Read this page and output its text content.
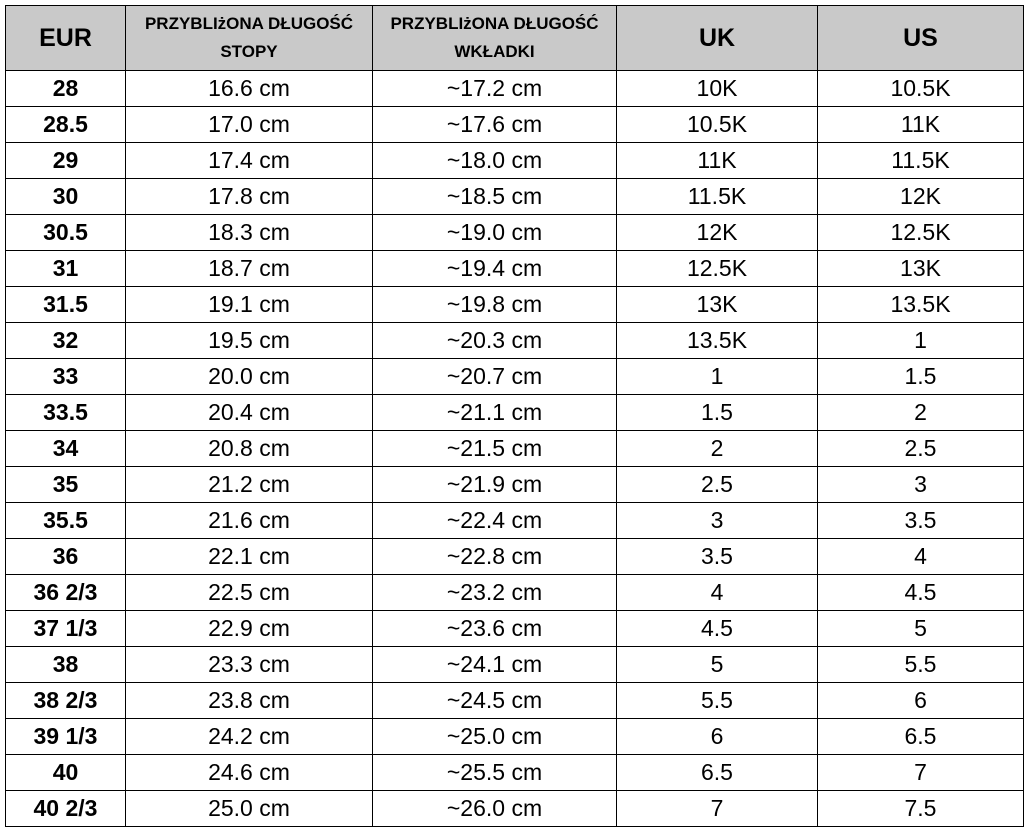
EUR	PRZYBLIżONA DŁUGOŚĆ STOPY	PRZYBLIżONA DŁUGOŚĆ WKŁADKI	UK	US
28	16.6 cm	~17.2 cm	10K	10.5K
28.5	17.0 cm	~17.6 cm	10.5K	11K
29	17.4 cm	~18.0 cm	11K	11.5K
30	17.8 cm	~18.5 cm	11.5K	12K
30.5	18.3 cm	~19.0 cm	12K	12.5K
31	18.7 cm	~19.4 cm	12.5K	13K
31.5	19.1 cm	~19.8 cm	13K	13.5K
32	19.5 cm	~20.3 cm	13.5K	1
33	20.0 cm	~20.7 cm	1	1.5
33.5	20.4 cm	~21.1 cm	1.5	2
34	20.8 cm	~21.5 cm	2	2.5
35	21.2 cm	~21.9 cm	2.5	3
35.5	21.6 cm	~22.4 cm	3	3.5
36	22.1 cm	~22.8 cm	3.5	4
36 2/3	22.5 cm	~23.2 cm	4	4.5
37 1/3	22.9 cm	~23.6 cm	4.5	5
38	23.3 cm	~24.1 cm	5	5.5
38 2/3	23.8 cm	~24.5 cm	5.5	6
39 1/3	24.2 cm	~25.0 cm	6	6.5
40	24.6 cm	~25.5 cm	6.5	7
40 2/3	25.0 cm	~26.0 cm	7	7.5
